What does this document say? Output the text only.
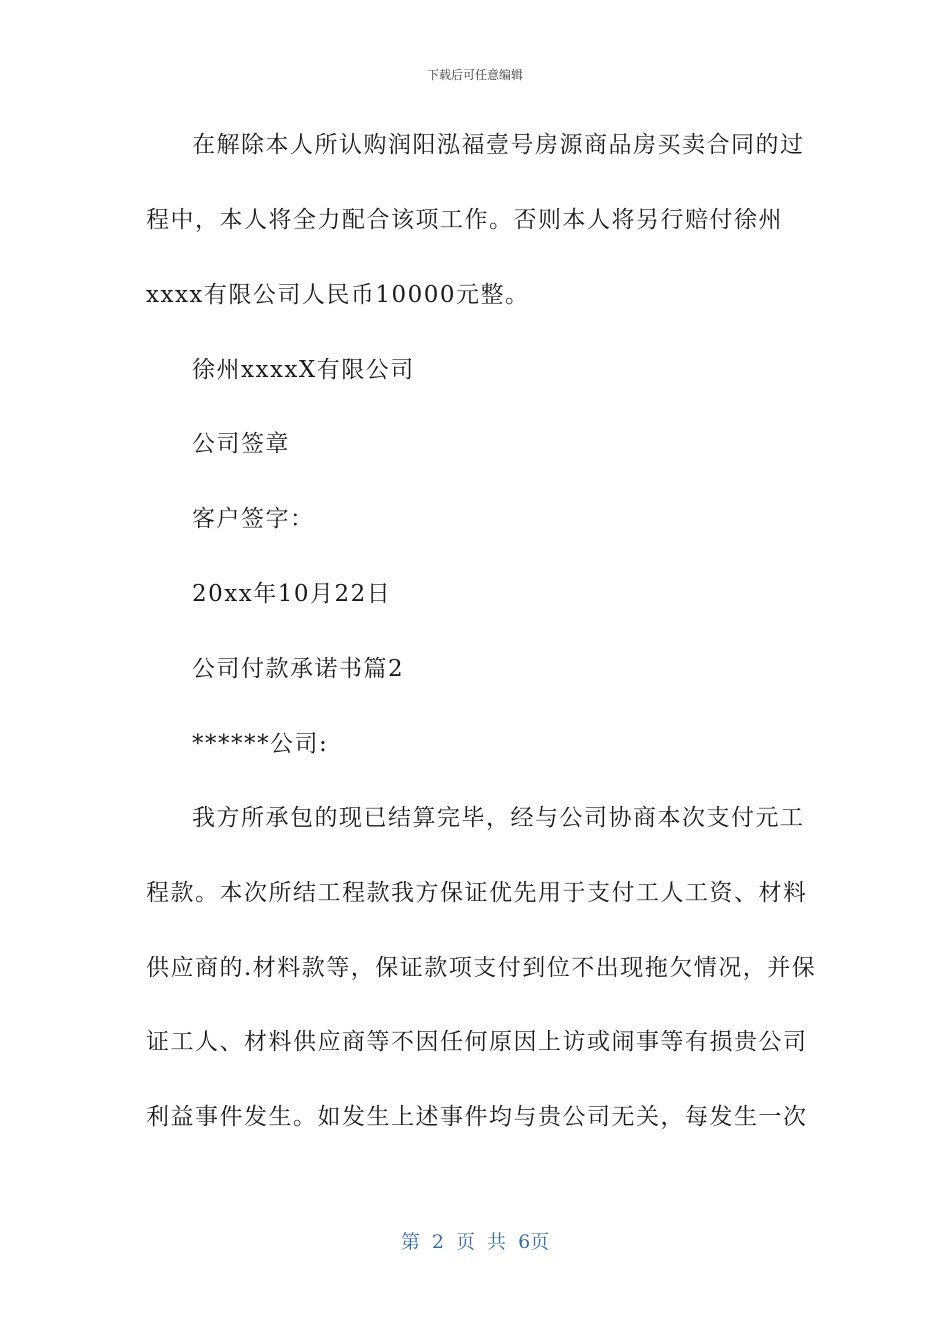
下载后可任意编辑
在解除本人所认购润阳泓福壹号房源商品房买卖合同的过
程中，本人将全力配合该项工作。否则本人将另行赔付徐州
xxxx有限公司人民币10000元整。
徐州xxxxX有限公司
公司签章
客户签字：
20xx年10月22日
公司付款承诺书篇2
******公司:
我方所承包的现已结算完毕，经与公司协商本次支付元工
程款。本次所结工程款我方保证优先用于支付工人工资、材料
供应商的.材料款等，保证款项支付到位不出现拖欠情况，并保
证工人、材料供应商等不因任何原因上访或闹事等有损贵公司
利益事件发生。如发生上述事件均与贵公司无关，每发生一次
第 2 页 共 6页
